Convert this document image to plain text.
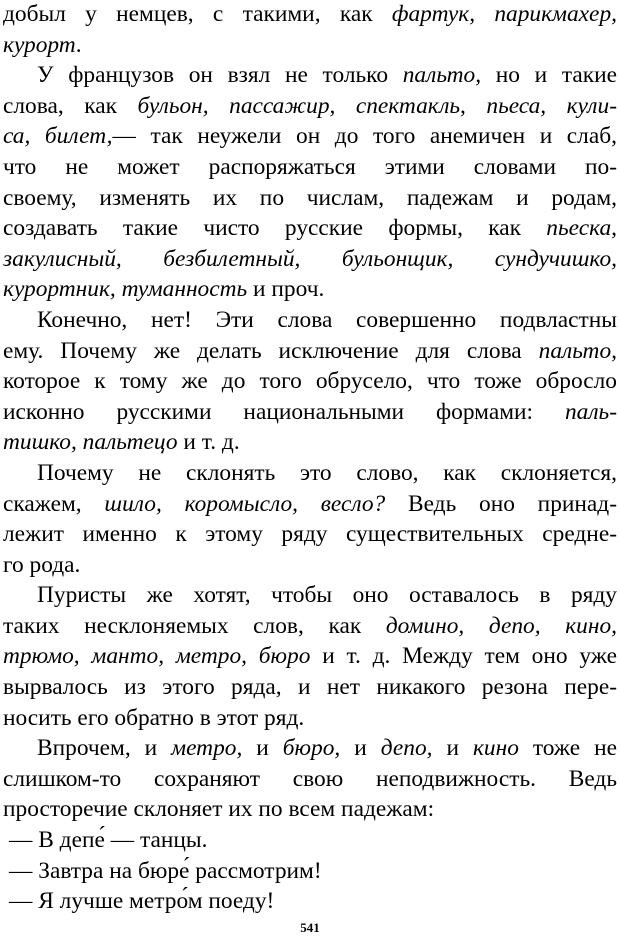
добыл у немцев, с такими, как фартук, парикмахер,
курорт.
У французов он взял не только пальто, но и такие
слова, как бульон, пассажир, спектакль, пьеса, кули-
са, билет,— так неужели он до того анемичен и слаб,
что не может распоряжаться этими словами по-
своему, изменять их по числам, падежам и родам,
создавать такие чисто русские формы, как пьеска,
закулисный, безбилетный, бульонщик, сундучишко,
курортник, туманность и проч.
Конечно, нет! Эти слова совершенно подвластны
ему. Почему же делать исключение для слова пальто,
которое к тому же до того обрусело, что тоже обросло
исконно русскими национальными формами: паль-
тишко, пальтецо и т. д.
Почему не склонять это слово, как склоняется,
скажем, шило, коромысло, весло? Ведь оно принад-
лежит именно к этому ряду существительных средне-
го рода.
Пуристы же хотят, чтобы оно оставалось в ряду
таких несклоняемых слов, как домино, депо, кино,
трюмо, манто, метро, бюро и т. д. Между тем оно уже
вырвалось из этого ряда, и нет никакого резона пере-
носить его обратно в этот ряд.
Впрочем, и метро, и бюро, и депо, и кино тоже не
слишком-то сохраняют свою неподвижность. Ведь
просторечие склоняет их по всем падежам:
— В депе́ — танцы.
— Завтра на бюре́ рассмотрим!
— Я лучше метро́м поеду!
541
